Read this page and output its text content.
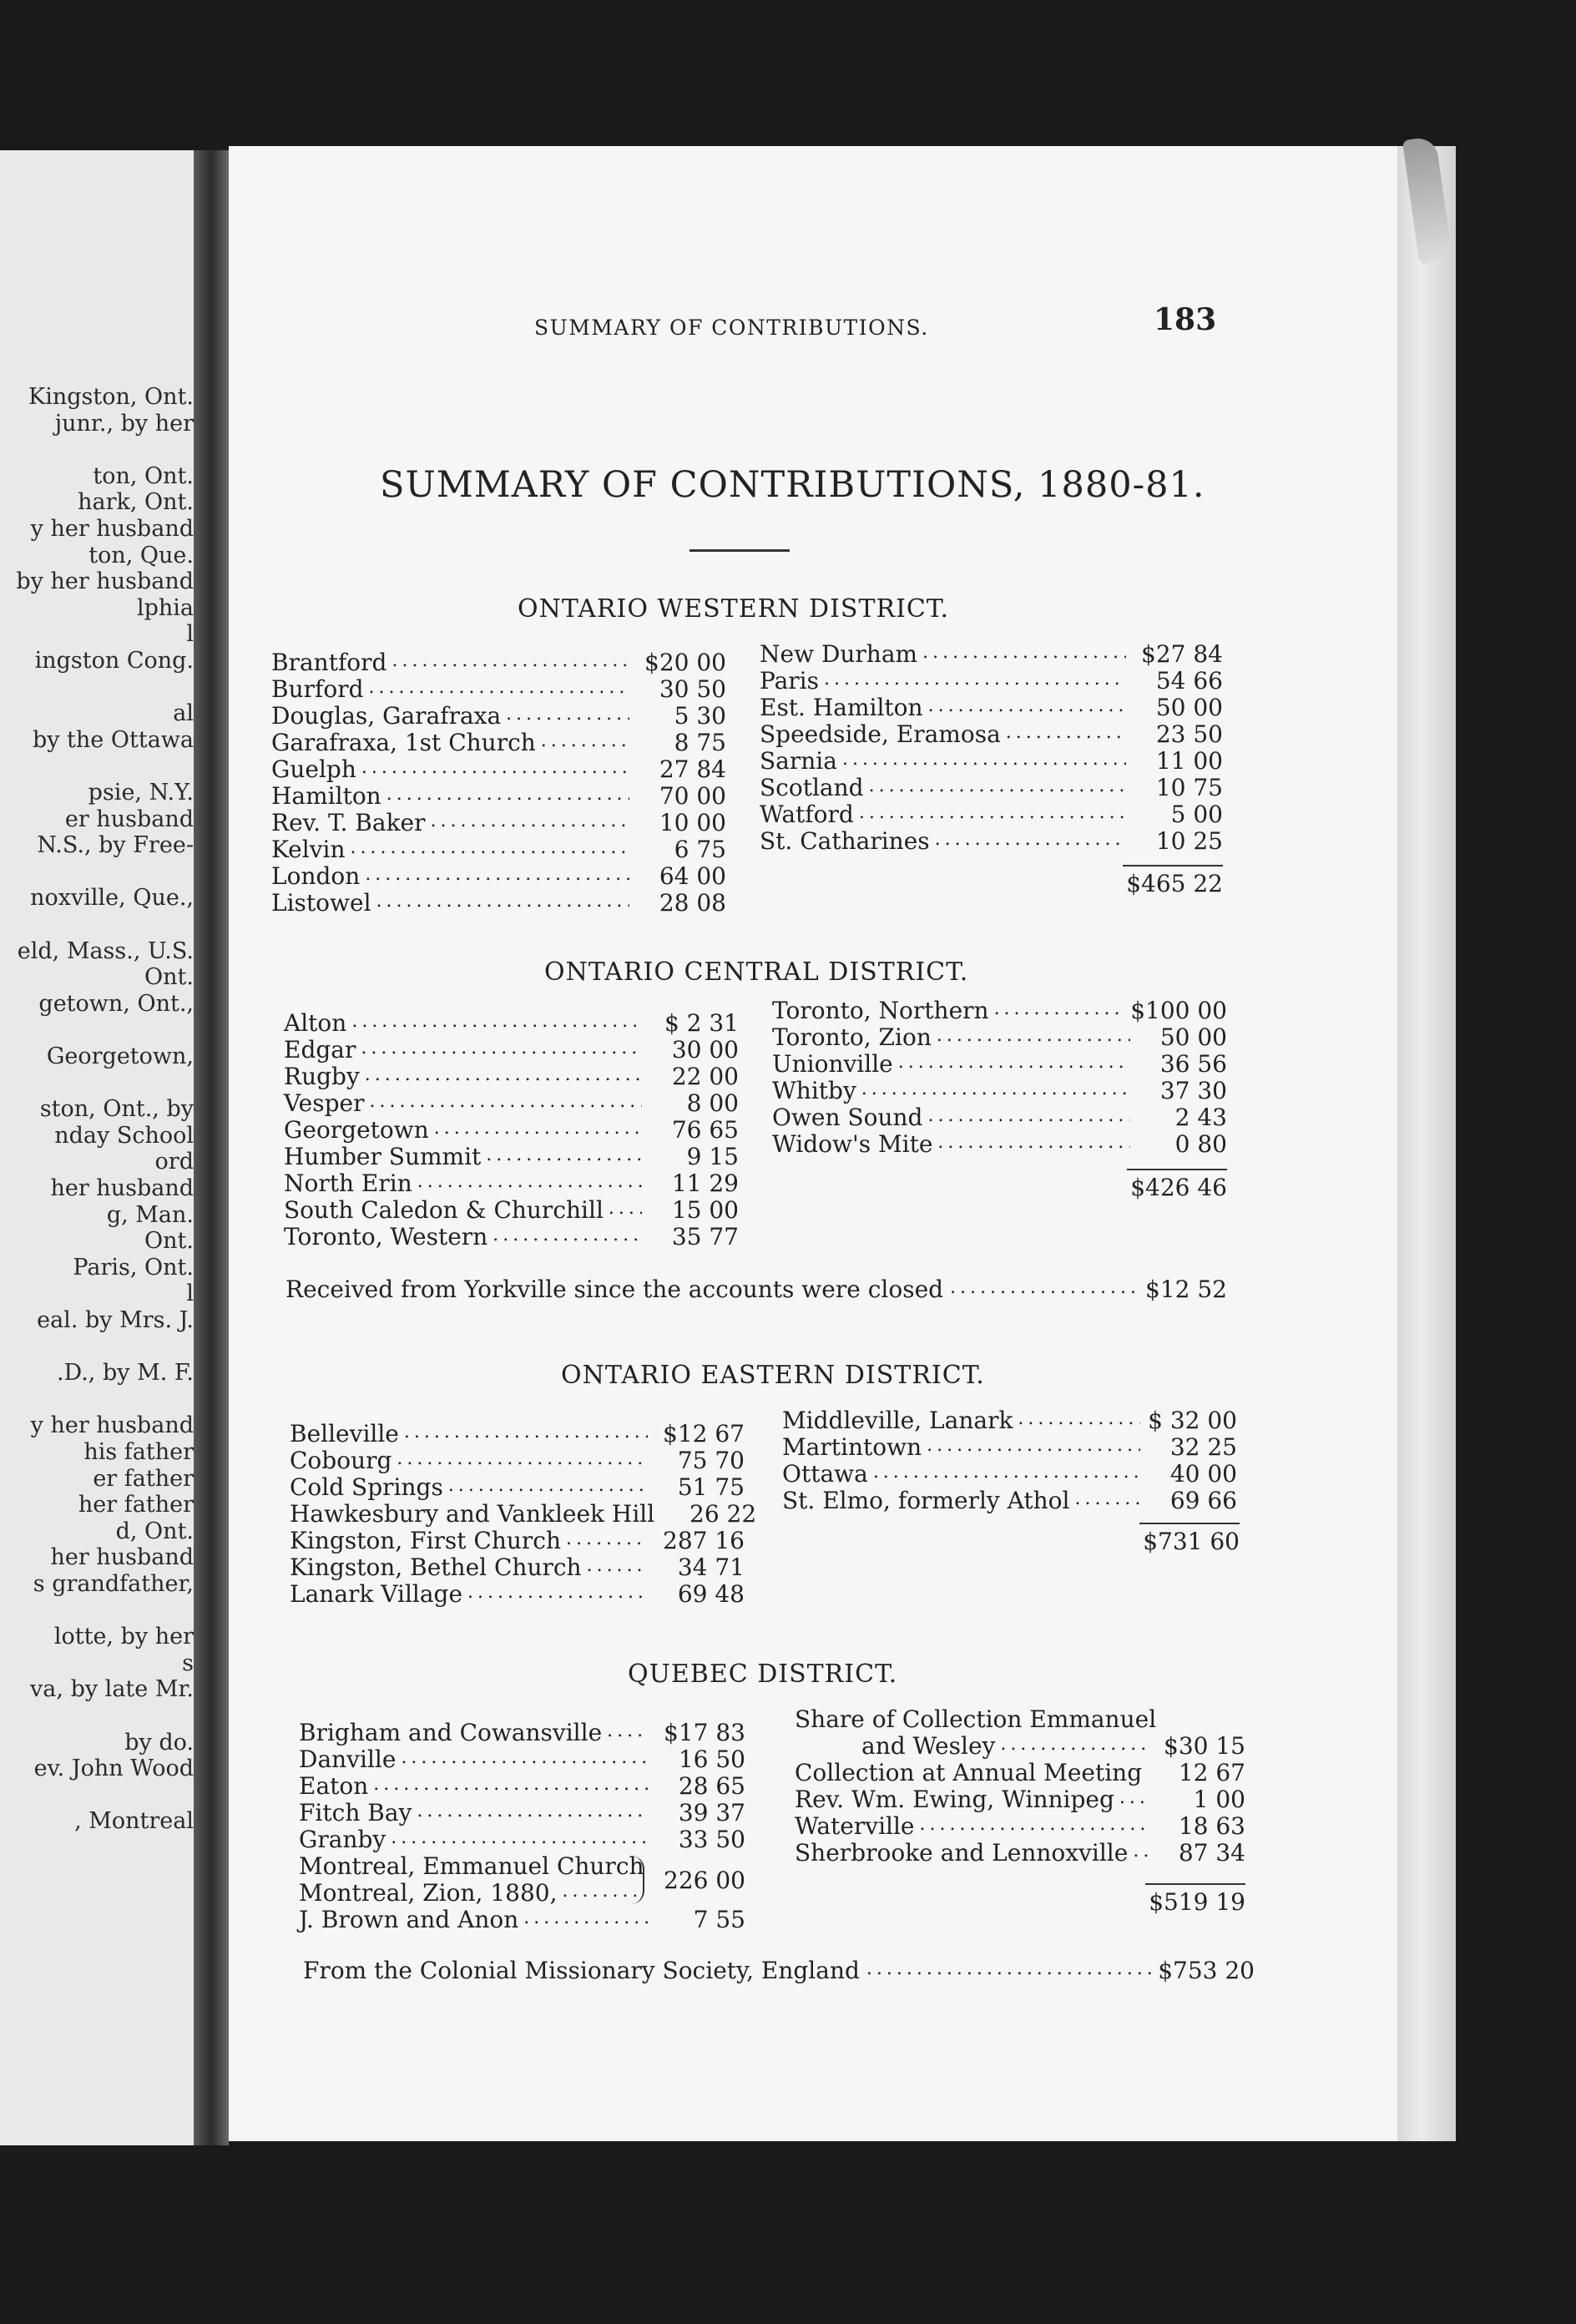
Kingston, Ont.
junr., by her
ton, Ont.
hark, Ont.
y her husband
ton, Que.
by her husband
lphia
l
ingston Cong.
al
by the Ottawa
psie, N.Y.
er husband
N.S., by Free-
noxville, Que.,
eld, Mass., U.S.
Ont.
getown, Ont.,
Georgetown,
ston, Ont., by
nday School
ord
her husband
g, Man.
Ont.
Paris, Ont.
l
eal. by Mrs. J.
.D., by M. F.
y her husband
his father
er father
her father
d, Ont.
her husband
s grandfather,
lotte, by her
s
va, by late Mr.
by do.
ev. John Wood
, Montreal
SUMMARY OF CONTRIBUTIONS.	183
SUMMARY OF CONTRIBUTIONS, 1880-81.
ONTARIO WESTERN DISTRICT.
Brantford .....	$20 00
Burford .....	30 50
Douglas, Garafraxa .....	5 30
Garafraxa, 1st Church .....	8 75
Guelph .....	27 84
Hamilton .....	70 00
Rev. T. Baker .....	10 00
Kelvin .....	6 75
London .....	64 00
Listowel .....	28 08
New Durham .....	$27 84
Paris .....	54 66
Est. Hamilton .....	50 00
Speedside, Eramosa .....	23 50
Sarnia .....	11 00
Scotland .....	10 75
Watford .....	5 00
St. Catharines .....	10 25
$465 22
ONTARIO CENTRAL DISTRICT.
Alton .....	$ 2 31
Edgar .....	30 00
Rugby .....	22 00
Vesper .....	8 00
Georgetown .....	76 65
Humber Summit .....	9 15
North Erin .....	11 29
South Caledon & Churchill .....	15 00
Toronto, Western .....	35 77
Toronto, Northern .....	$100 00
Toronto, Zion .....	50 00
Unionville .....	36 56
Whitby .....	37 30
Owen Sound .....	2 43
Widow's Mite .....	0 80
$426 46
Received from Yorkville since the accounts were closed .....	$12 52
ONTARIO EASTERN DISTRICT.
Belleville .....	$12 67
Cobourg .....	75 70
Cold Springs .....	51 75
Hawkesbury and Vankleek Hill	26 22
Kingston, First Church .....	287 16
Kingston, Bethel Church .....	34 71
Lanark Village .....	69 48
Middleville, Lanark .....	$ 32 00
Martintown .....	32 25
Ottawa .....	40 00
St. Elmo, formerly Athol .....	69 66
$731 60
QUEBEC DISTRICT.
Brigham and Cowansville .....	$17 83
Danville .....	16 50
Eaton .....	28 65
Fitch Bay .....	39 37
Granby .....	33 50
Montreal, Emmanuel Church
Montreal, Zion, 1880, .....	226 00
J. Brown and Anon .....	7 55
Share of Collection Emmanuel
and Wesley .....	$30 15
Collection at Annual Meeting .....	12 67
Rev. Wm. Ewing, Winnipeg .....	1 00
Waterville .....	18 63
Sherbrooke and Lennoxville .....	87 34
$519 19
From the Colonial Missionary Society, England .....	$753 20
